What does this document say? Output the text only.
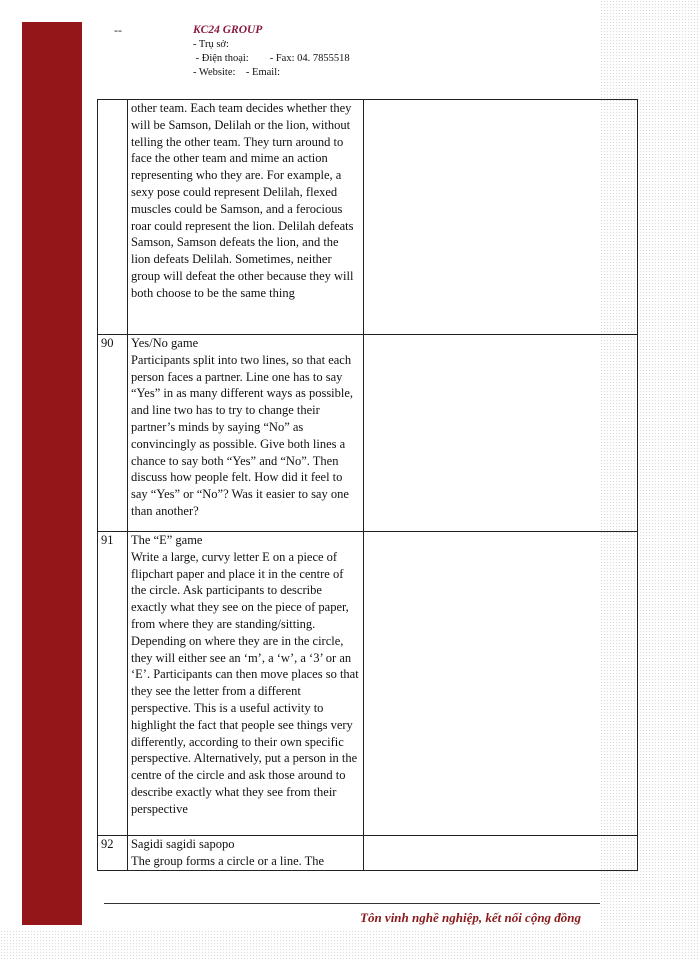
--	KC24 GROUP
- Trụ sở:
- Điện thoại:        - Fax: 04. 7855518
- Website:    - Email:

	other team. Each team decides whether they will be Samson, Delilah or the lion, without telling the other team. They turn around to face the other team and mime an action representing who they are. For example, a sexy pose could represent Delilah, flexed muscles could be Samson, and a ferocious roar could represent the lion. Delilah defeats Samson, Samson defeats the lion, and the lion defeats Delilah. Sometimes, neither group will defeat the other because they will both choose to be the same thing	

90	Yes/No game
Participants split into two lines, so that each person faces a partner. Line one has to say “Yes” in as many different ways as possible, and line two has to try to change their partner’s minds by saying “No” as convincingly as possible. Give both lines a chance to say both “Yes” and “No”. Then discuss how people felt. How did it feel to say “Yes” or “No”? Was it easier to say one than another?	

91	The “E” game
Write a large, curvy letter E on a piece of flipchart paper and place it in the centre of the circle. Ask participants to describe exactly what they see on the piece of paper, from where they are standing/sitting. Depending on where they are in the circle, they will either see an ‘m’, a ‘w’, a ‘3’ or an ‘E’. Participants can then move places so that they see the letter from a different perspective. This is a useful activity to highlight the fact that people see things very differently, according to their own specific perspective. Alternatively, put a person in the centre of the circle and ask those around to describe exactly what they see from their perspective	

92	Sagidi sagidi sapopo
The group forms a circle or a line. The	

Tôn vinh nghề nghiệp, kết nối cộng đồng
